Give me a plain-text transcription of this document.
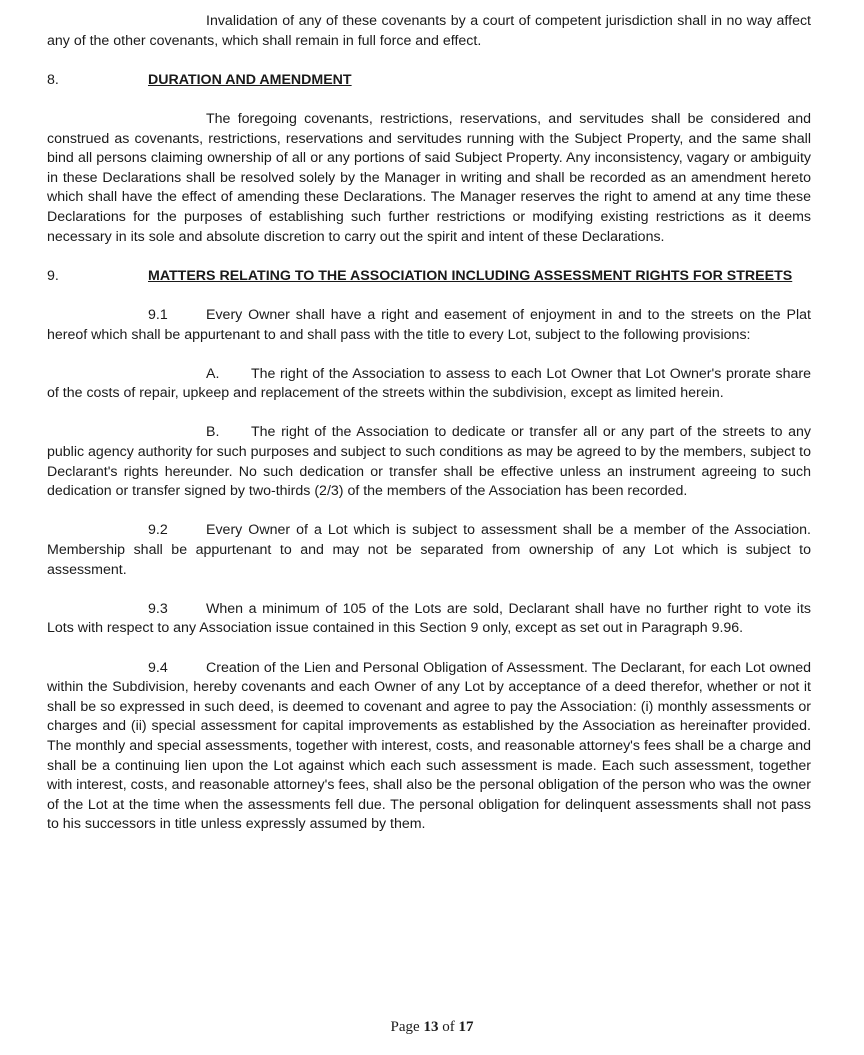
Invalidation of any of these covenants by a court of competent jurisdiction shall in no way affect any of the other covenants, which shall remain in full force and effect.

8.	DURATION AND AMENDMENT

The foregoing covenants, restrictions, reservations, and servitudes shall be considered and construed as covenants, restrictions, reservations and servitudes running with the Subject Property, and the same shall bind all persons claiming ownership of all or any portions of said Subject Property. Any inconsistency, vagary or ambiguity in these Declarations shall be resolved solely by the Manager in writing and shall be recorded as an amendment hereto which shall have the effect of amending these Declarations. The Manager reserves the right to amend at any time these Declarations for the purposes of establishing such further restrictions or modifying existing restrictions as it deems necessary in its sole and absolute discretion to carry out the spirit and intent of these Declarations.

9.	MATTERS RELATING TO THE ASSOCIATION INCLUDING ASSESSMENT RIGHTS FOR STREETS

9.1	Every Owner shall have a right and easement of enjoyment in and to the streets on the Plat hereof which shall be appurtenant to and shall pass with the title to every Lot, subject to the following provisions:

A. The right of the Association to assess to each Lot Owner that Lot Owner's prorate share of the costs of repair, upkeep and replacement of the streets within the subdivision, except as limited herein.

B. The right of the Association to dedicate or transfer all or any part of the streets to any public agency authority for such purposes and subject to such conditions as may be agreed to by the members, subject to Declarant's rights hereunder. No such dedication or transfer shall be effective unless an instrument agreeing to such dedication or transfer signed by two-thirds (2/3) of the members of the Association has been recorded.

9.2	Every Owner of a Lot which is subject to assessment shall be a member of the Association. Membership shall be appurtenant to and may not be separated from ownership of any Lot which is subject to assessment.

9.3	When a minimum of 105 of the Lots are sold, Declarant shall have no further right to vote its Lots with respect to any Association issue contained in this Section 9 only, except as set out in Paragraph 9.96.

9.4	Creation of the Lien and Personal Obligation of Assessment. The Declarant, for each Lot owned within the Subdivision, hereby covenants and each Owner of any Lot by acceptance of a deed therefor, whether or not it shall be so expressed in such deed, is deemed to covenant and agree to pay the Association: (i) monthly assessments or charges and (ii) special assessment for capital improvements as established by the Association as hereinafter provided. The monthly and special assessments, together with interest, costs, and reasonable attorney's fees shall be a charge and shall be a continuing lien upon the Lot against which each such assessment is made. Each such assessment, together with interest, costs, and reasonable attorney's fees, shall also be the personal obligation of the person who was the owner of the Lot at the time when the assessments fell due. The personal obligation for delinquent assessments shall not pass to his successors in title unless expressly assumed by them.

Page 13 of 17
